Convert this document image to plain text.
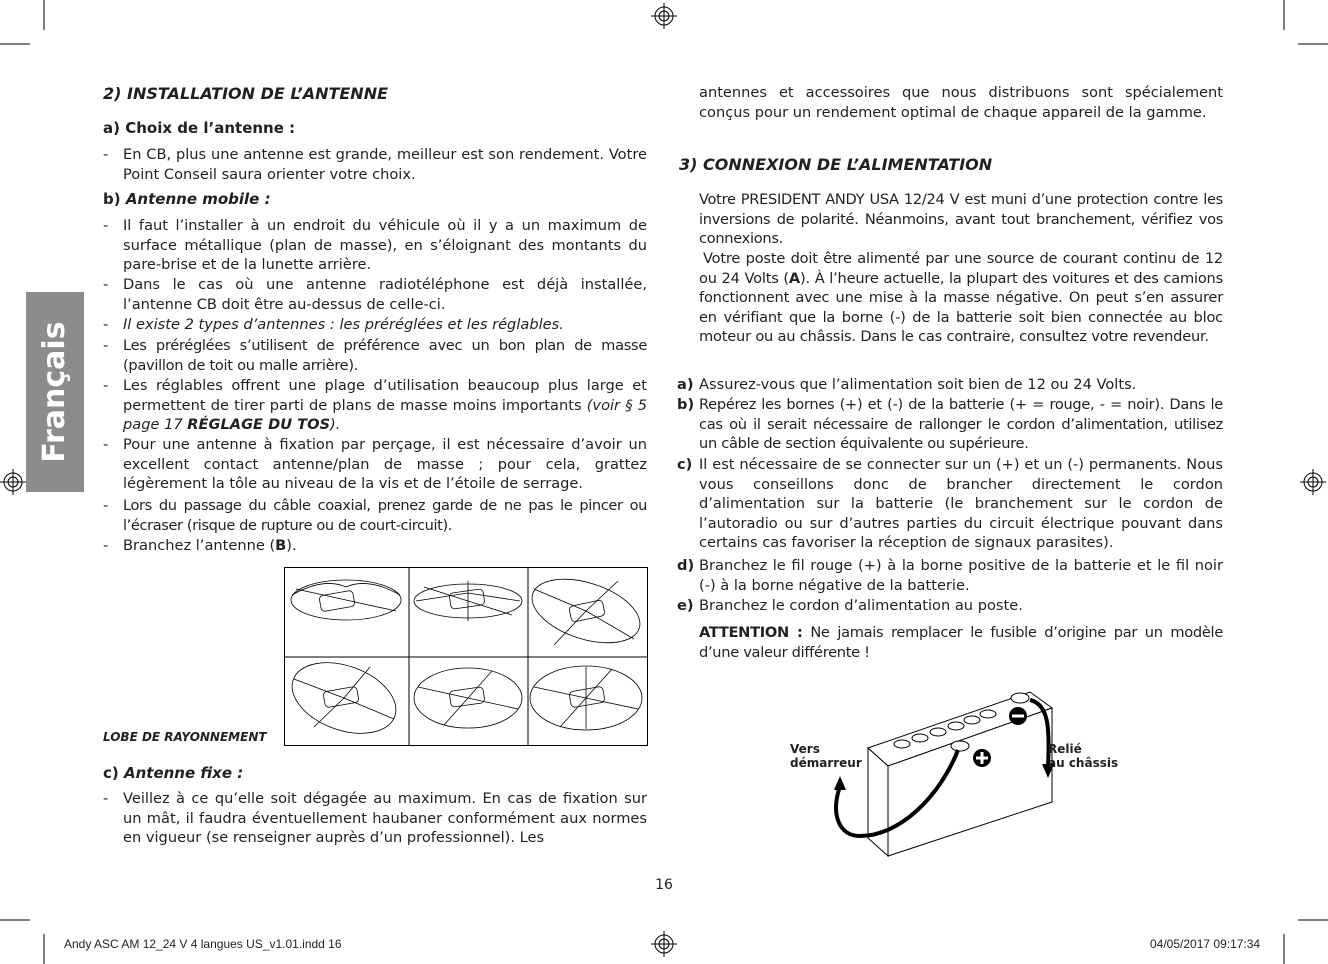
Français
2) INSTALLATION DE L’ANTENNE
a) Choix de l’antenne :
- En CB, plus une antenne est grande, meilleur est son rendement. Votre Point Conseil saura orienter votre choix.
b) Antenne mobile :
- Il faut l’installer à un endroit du véhicule où il y a un maximum de surface métallique (plan de masse), en s’éloignant des montants du pare-brise et de la lunette arrière.
- Dans le cas où une antenne radiotéléphone est déjà installée, l’antenne CB doit être au-dessus de celle-ci.
- Il existe 2 types d’antennes : les préréglées et les réglables.
- Les préréglées s’utilisent de préférence avec un bon plan de masse (pavillon de toit ou malle arrière).
- Les réglables offrent une plage d’utilisation beaucoup plus large et permettent de tirer parti de plans de masse moins importants (voir § 5 page 17 RÉGLAGE DU TOS).
- Pour une antenne à fixation par perçage, il est nécessaire d’avoir un excellent contact antenne/plan de masse ; pour cela, grattez légèrement la tôle au niveau de la vis et de l’étoile de serrage.
- Lors du passage du câble coaxial, prenez garde de ne pas le pincer ou l’écraser (risque de rupture ou de court-circuit).
- Branchez l’antenne (B).
LOBE DE RAYONNEMENT
c) Antenne fixe :
- Veillez à ce qu’elle soit dégagée au maximum. En cas de fixation sur un mât, il faudra éventuellement haubaner conformément aux normes en vigueur (se renseigner auprès d’un professionnel). Les
antennes et accessoires que nous distribuons sont spécialement conçus pour un rendement optimal de chaque appareil de la gamme.
3) CONNEXION DE L’ALIMENTATION
Votre PRESIDENT ANDY USA 12/24 V est muni d’une protection contre les inversions de polarité. Néanmoins, avant tout branchement, vérifiez vos connexions.
Votre poste doit être alimenté par une source de courant continu de 12 ou 24 Volts (A). À l’heure actuelle, la plupart des voitures et des camions fonctionnent avec une mise à la masse négative. On peut s’en assurer en vérifiant que la borne (-) de la batterie soit bien connectée au bloc moteur ou au châssis. Dans le cas contraire, consultez votre revendeur.
a) Assurez-vous que l’alimentation soit bien de 12 ou 24 Volts.
b) Repérez les bornes (+) et (-) de la batterie (+ = rouge, - = noir). Dans le cas où il serait nécessaire de rallonger le cordon d’alimentation, utilisez un câble de section équivalente ou supérieure.
c) Il est nécessaire de se connecter sur un (+) et un (-) permanents. Nous vous conseillons donc de brancher directement le cordon d’alimentation sur la batterie (le branchement sur le cordon de l’autoradio ou sur d’autres parties du circuit électrique pouvant dans certains cas favoriser la réception de signaux parasites).
d) Branchez le fil rouge (+) à la borne positive de la batterie et le fil noir (-) à la borne négative de la batterie.
e) Branchez le cordon d’alimentation au poste.
ATTENTION : Ne jamais remplacer le fusible d’origine par un modèle d’une valeur différente !
Vers
démarreur
Relié
au châssis
16
Andy ASC AM 12_24 V 4 langues US_v1.01.indd 16	04/05/2017 09:17:34
